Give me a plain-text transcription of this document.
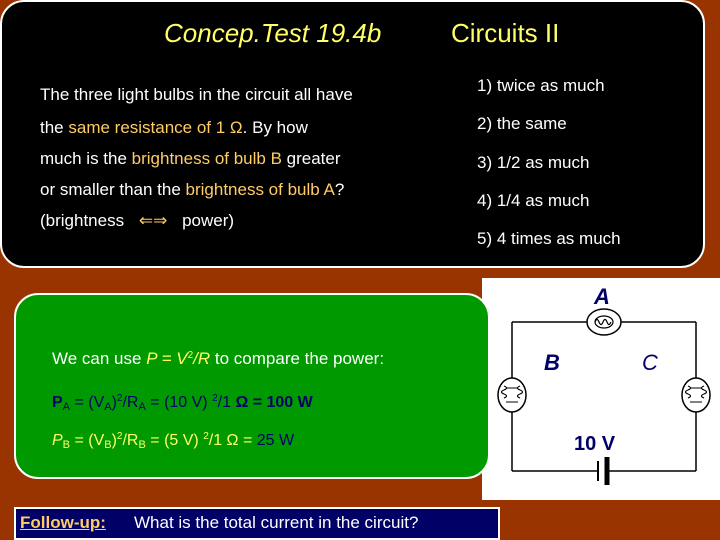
Concep.Test 19.4b	Circuits II
The three light bulbs in the circuit all have
the same resistance of 1 Ω. By how
much is the brightness of bulb B greater
or smaller than the brightness of bulb A?
(brightness ⇐⇒ power)
1) twice as much
2) the same
3) 1/2 as much
4) 1/4 as much
5) 4 times as much
A
B	C
10 V
We can use $P = V^2/R$ to compare the power:
$P_A = (V_A)^2/R_A = (10$ V) $^2$/1 Ω = 100 W
$P_B = (V_B)^2/R_B = (5$ V) $^2$/1 Ω = 25 W
Follow-up: What is the total current in the circuit?
